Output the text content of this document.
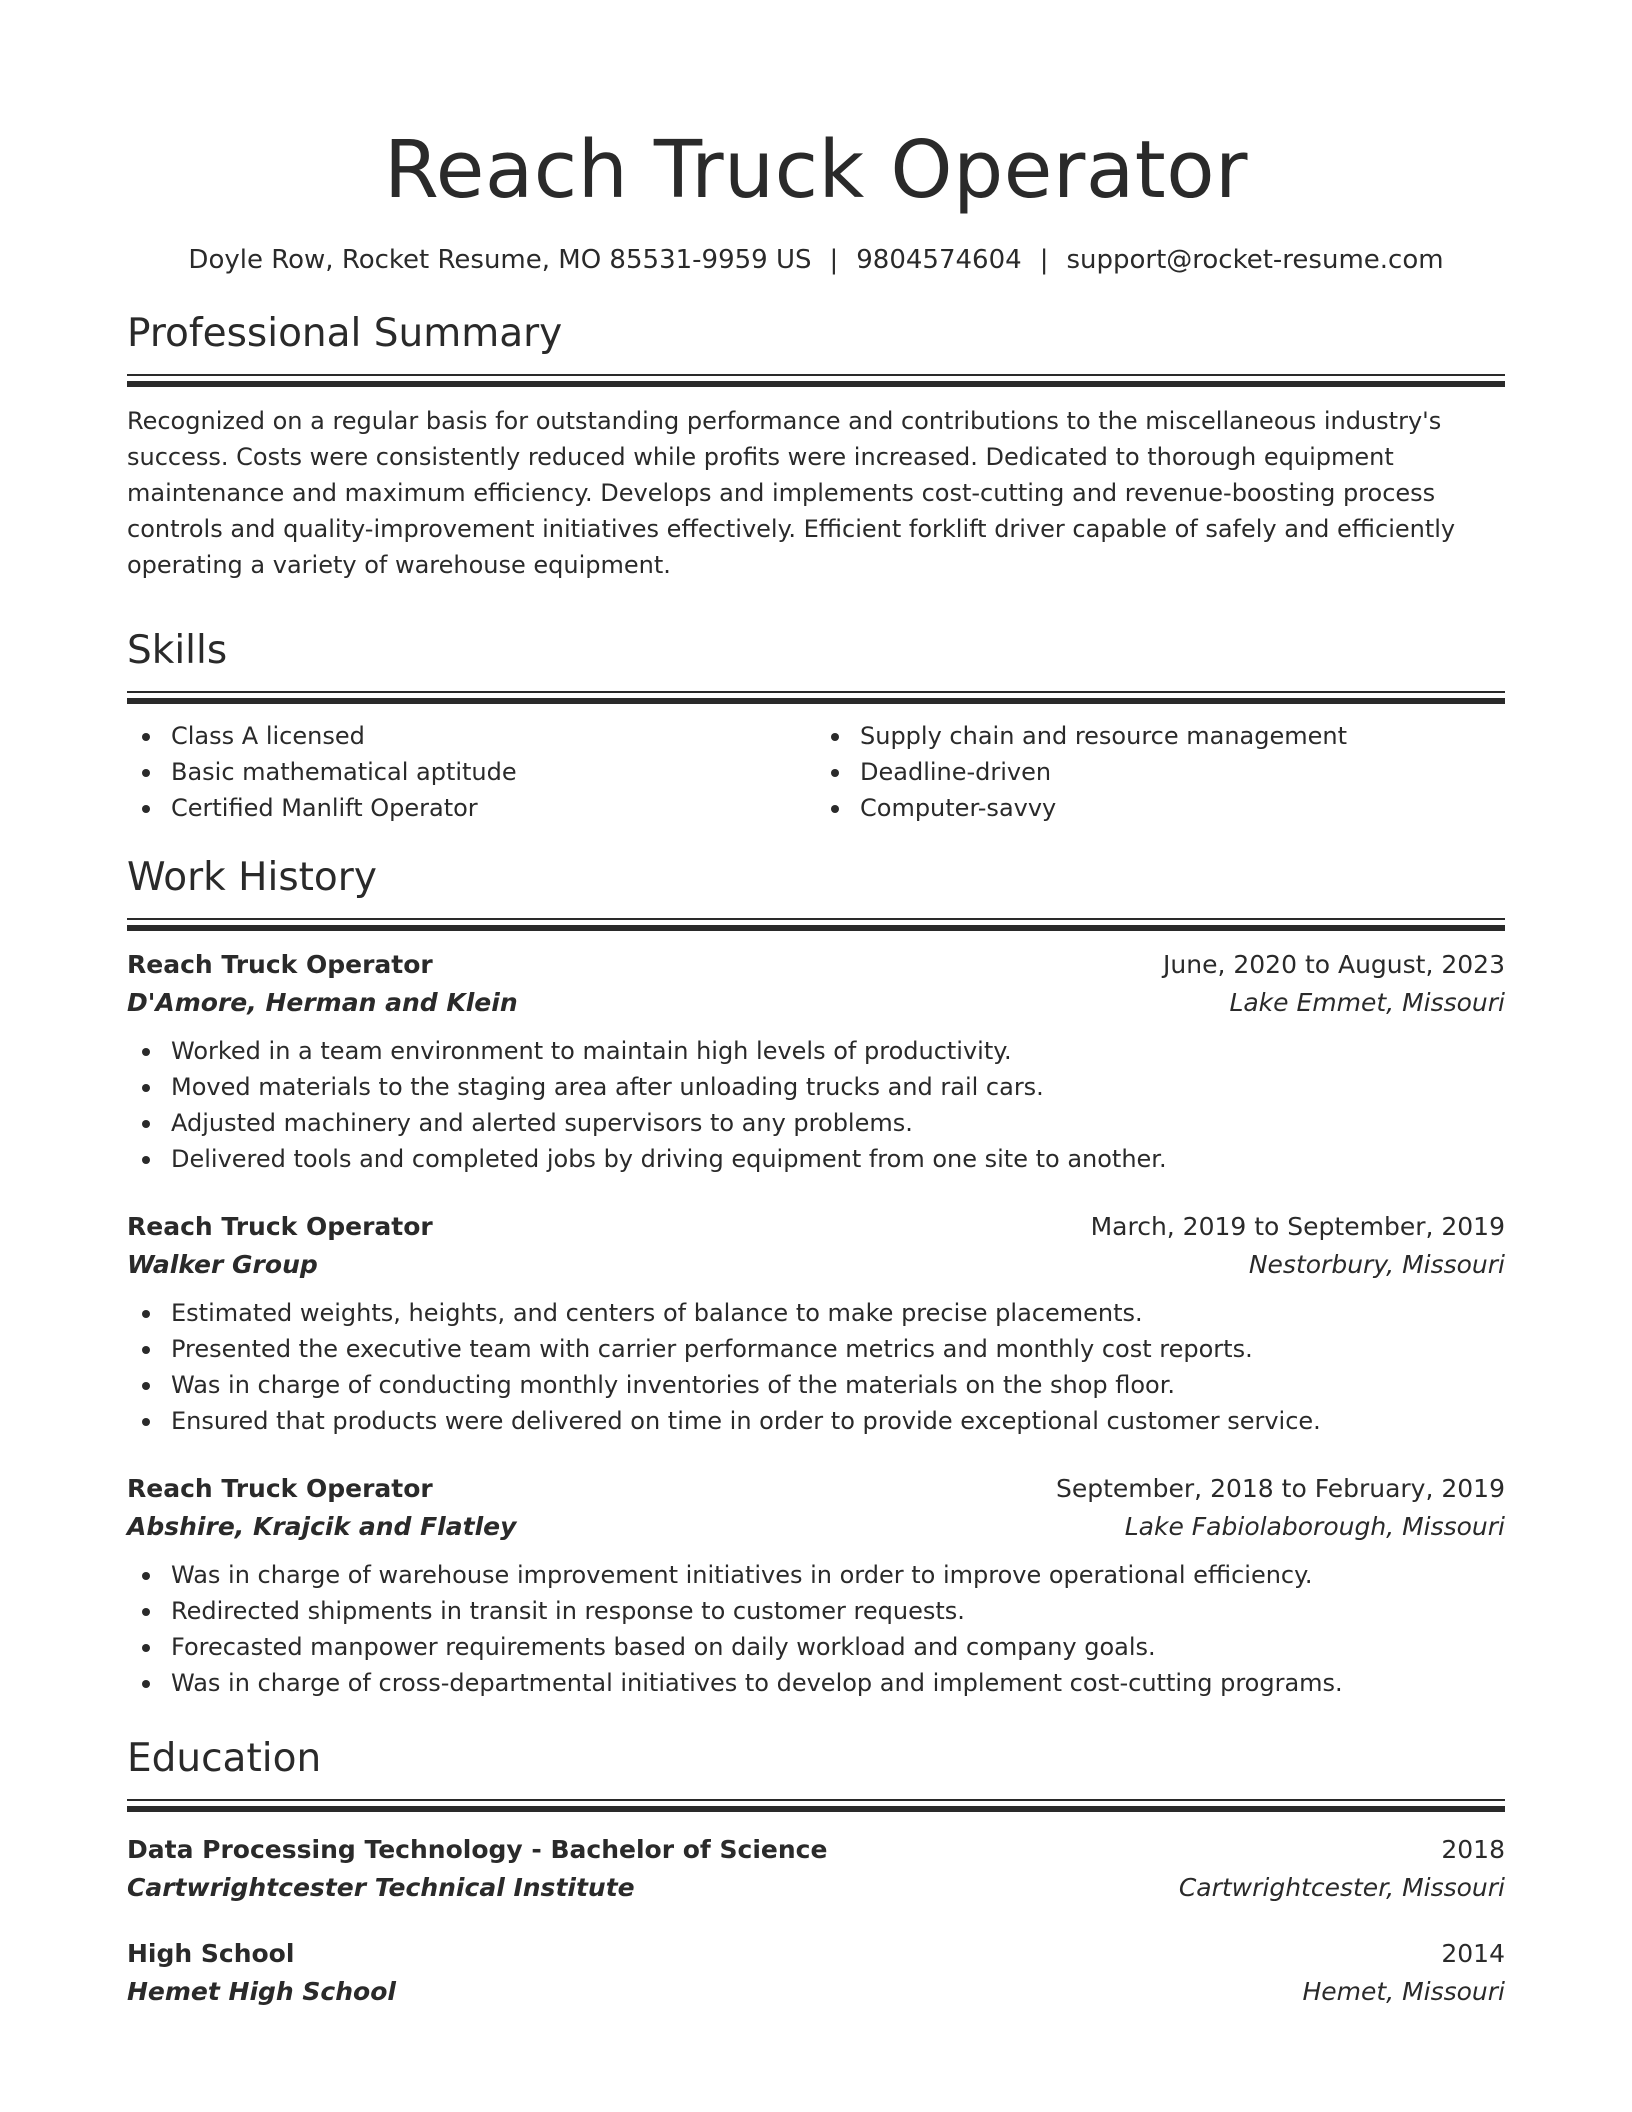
Reach Truck Operator
Doyle Row, Rocket Resume, MO 85531-9959 US | 9804574604 | support@rocket-resume.com
Professional Summary

Recognized on a regular basis for outstanding performance and contributions to the miscellaneous industry's success. Costs were consistently reduced while profits were increased. Dedicated to thorough equipment maintenance and maximum efficiency. Develops and implements cost-cutting and revenue-boosting process controls and quality-improvement initiatives effectively. Efficient forklift driver capable of safely and efficiently operating a variety of warehouse equipment.

Skills
Class A licensed
Basic mathematical aptitude
Certified Manlift Operator
Supply chain and resource management
Deadline-driven
Computer-savvy
Work History
Reach Truck Operator	June, 2020 to August, 2023
D'Amore, Herman and Klein	Lake Emmet, Missouri
Worked in a team environment to maintain high levels of productivity.
Moved materials to the staging area after unloading trucks and rail cars.
Adjusted machinery and alerted supervisors to any problems.
Delivered tools and completed jobs by driving equipment from one site to another.
Reach Truck Operator	March, 2019 to September, 2019
Walker Group	Nestorbury, Missouri
Estimated weights, heights, and centers of balance to make precise placements.
Presented the executive team with carrier performance metrics and monthly cost reports.
Was in charge of conducting monthly inventories of the materials on the shop floor.
Ensured that products were delivered on time in order to provide exceptional customer service.
Reach Truck Operator	September, 2018 to February, 2019
Abshire, Krajcik and Flatley	Lake Fabiolaborough, Missouri
Was in charge of warehouse improvement initiatives in order to improve operational efficiency.
Redirected shipments in transit in response to customer requests.
Forecasted manpower requirements based on daily workload and company goals.
Was in charge of cross-departmental initiatives to develop and implement cost-cutting programs.
Education
Data Processing Technology - Bachelor of Science	2018
Cartwrightcester Technical Institute	Cartwrightcester, Missouri
High School	2014
Hemet High School	Hemet, Missouri
